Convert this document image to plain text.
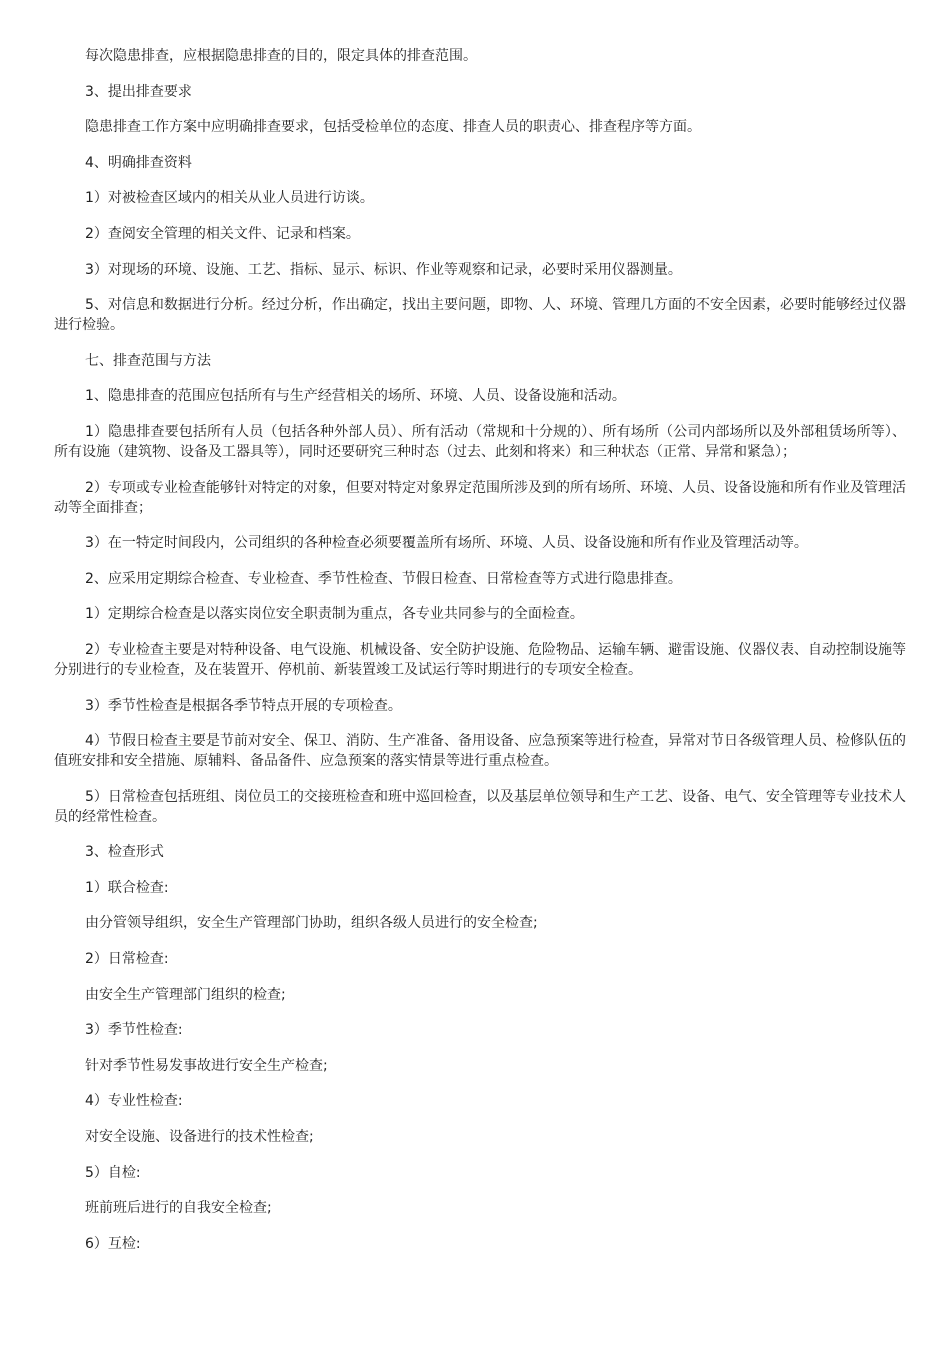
每次隐患排查，应根据隐患排查的目的，限定具体的排查范围。

3、提出排查要求

隐患排查工作方案中应明确排查要求，包括受检单位的态度、排查人员的职责心、排查程序等方面。

4、明确排查资料

1）对被检查区域内的相关从业人员进行访谈。

2）查阅安全管理的相关文件、记录和档案。

3）对现场的环境、设施、工艺、指标、显示、标识、作业等观察和记录，必要时采用仪器测量。

5、对信息和数据进行分析。经过分析，作出确定，找出主要问题，即物、人、环境、管理几方面的不安全因素，必要时能够经过仪器进行检验。

七、排查范围与方法

1、隐患排查的范围应包括所有与生产经营相关的场所、环境、人员、设备设施和活动。

1）隐患排查要包括所有人员（包括各种外部人员）、所有活动（常规和十分规的）、所有场所（公司内部场所以及外部租赁场所等）、所有设施（建筑物、设备及工器具等），同时还要研究三种时态（过去、此刻和将来）和三种状态（正常、异常和紧急）；

2）专项或专业检查能够针对特定的对象，但要对特定对象界定范围所涉及到的所有场所、环境、人员、设备设施和所有作业及管理活动等全面排查；

3）在一特定时间段内，公司组织的各种检查必须要覆盖所有场所、环境、人员、设备设施和所有作业及管理活动等。

2、应采用定期综合检查、专业检查、季节性检查、节假日检查、日常检查等方式进行隐患排查。

1）定期综合检查是以落实岗位安全职责制为重点，各专业共同参与的全面检查。

2）专业检查主要是对特种设备、电气设施、机械设备、安全防护设施、危险物品、运输车辆、避雷设施、仪器仪表、自动控制设施等分别进行的专业检查，及在装置开、停机前、新装置竣工及试运行等时期进行的专项安全检查。

3）季节性检查是根据各季节特点开展的专项检查。

4）节假日检查主要是节前对安全、保卫、消防、生产准备、备用设备、应急预案等进行检查，异常对节日各级管理人员、检修队伍的值班安排和安全措施、原辅料、备品备件、应急预案的落实情景等进行重点检查。

5）日常检查包括班组、岗位员工的交接班检查和班中巡回检查，以及基层单位领导和生产工艺、设备、电气、安全管理等专业技术人员的经常性检查。

3、检查形式

1）联合检查:

由分管领导组织，安全生产管理部门协助，组织各级人员进行的安全检查;

2）日常检查:

由安全生产管理部门组织的检查;

3）季节性检查:

针对季节性易发事故进行安全生产检查;

4）专业性检查:

对安全设施、设备进行的技术性检查;

5）自检:

班前班后进行的自我安全检查;

6）互检:
